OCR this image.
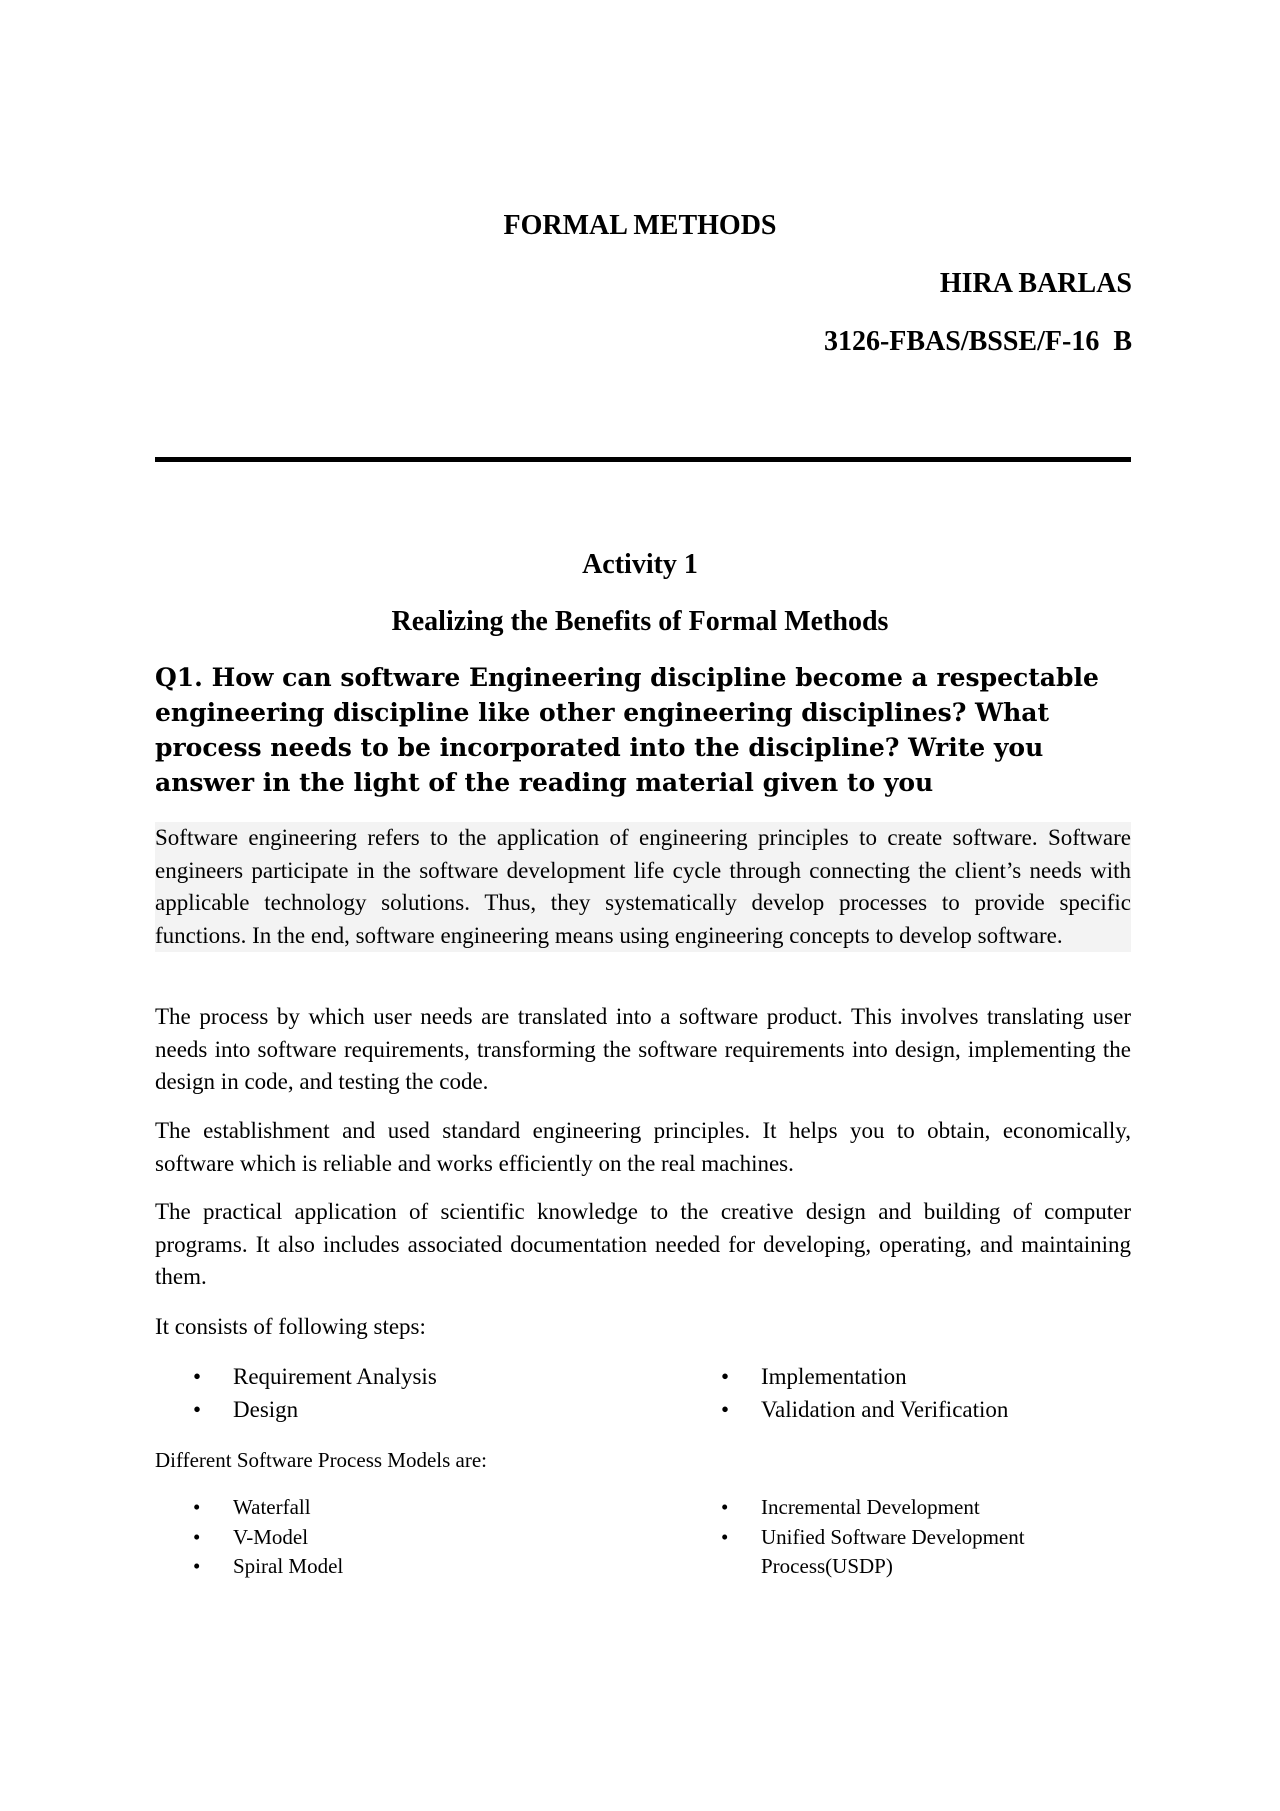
FORMAL METHODS
HIRA BARLAS
3126-FBAS/BSSE/F-16  B
Activity 1
Realizing the Benefits of Formal Methods
Q1. How can software Engineering discipline become a respectable engineering discipline like other engineering disciplines? What process needs to be incorporated into the discipline? Write you answer in the light of the reading material given to you

Software engineering refers to the application of engineering principles to create software. Software engineers participate in the software development life cycle through connecting the client’s needs with applicable technology solutions. Thus, they systematically develop processes to provide specific functions. In the end, software engineering means using engineering concepts to develop software.

The process by which user needs are translated into a software product. This involves translating user needs into software requirements, transforming the software requirements into design, implementing the design in code, and testing the code.

The establishment and used standard engineering principles. It helps you to obtain, economically, software which is reliable and works efficiently on the real machines.

The practical application of scientific knowledge to the creative design and building of computer programs. It also includes associated documentation needed for developing, operating, and maintaining them.

It consists of following steps:

• Requirement Analysis
• Design
• Implementation
• Validation and Verification
Different Software Process Models are:
• Waterfall
• V-Model
• Spiral Model
• Incremental Development
• Unified Software Development Process(USDP)
